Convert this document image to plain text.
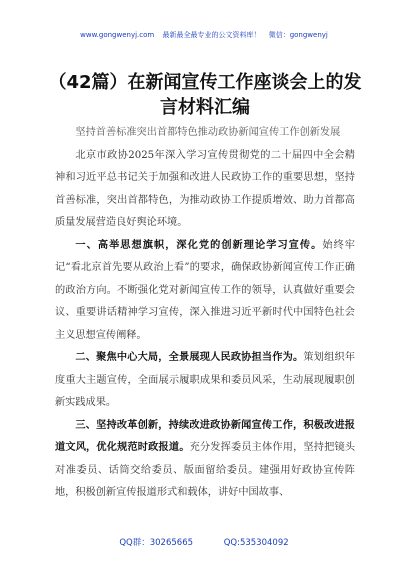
www.gongwenyj.com 最新最全最专业的公文资料库！ 微信：gongwenyj
（42篇）在新闻宣传工作座谈会上的发言材料汇编

坚持首善标准突出首都特色推动政协新闻宣传工作创新发展

北京市政协2025年深入学习宣传贯彻党的二十届四中全会精神和习近平总书记关于加强和改进人民政协工作的重要思想，坚持首善标准，突出首都特色，为推动政协工作提质增效、助力首都高质量发展营造良好舆论环境。

一、高举思想旗帜，深化党的创新理论学习宣传。始终牢记“看北京首先要从政治上看”的要求，确保政协新闻宣传工作正确的政治方向。不断强化党对新闻宣传工作的领导，认真做好重要会议、重要讲话精神学习宣传，深入推进习近平新时代中国特色社会主义思想宣传阐释。

二、聚焦中心大局，全景展现人民政协担当作为。策划组织年度重大主题宣传，全面展示履职成果和委员风采，生动展现履职创新实践成果。

三、坚持改革创新，持续改进政协新闻宣传工作，积极改进报道文风，优化规范时政报道。充分发挥委员主体作用，坚持把镜头对准委员、话筒交给委员、版面留给委员。建强用好政协宣传阵地，积极创新宣传报道形式和载体，讲好中国故事、

QQ群：30265665	QQ:535304092
